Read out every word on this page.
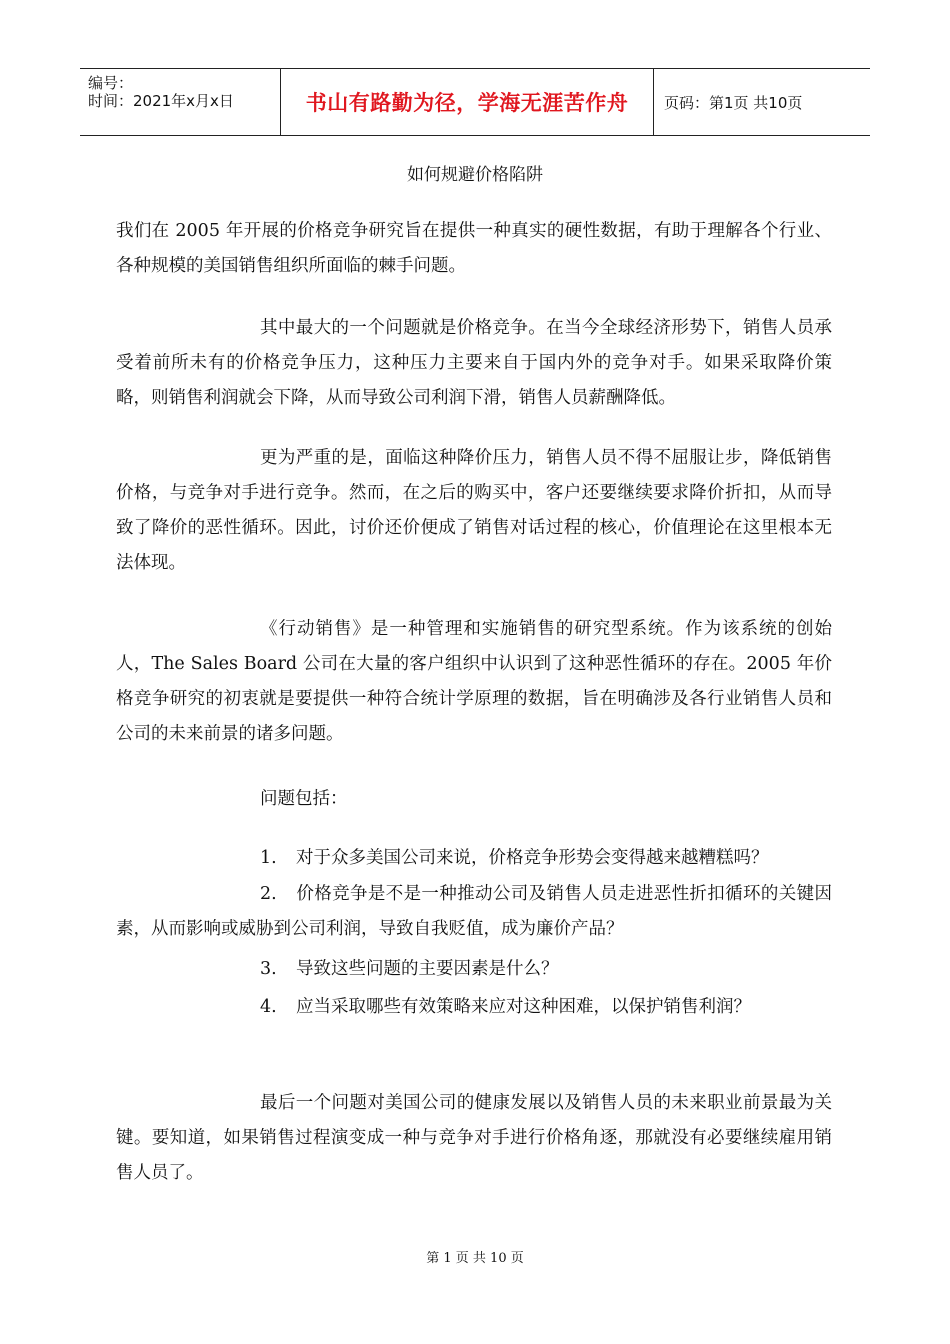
编号：
时间：2021年x月x日	书山有路勤为径，学海无涯苦作舟 页码：第1页 共10页
如何规避价格陷阱

我们在 2005 年开展的价格竞争研究旨在提供一种真实的硬性数据，有助于理解各个行业、各种规模的美国销售组织所面临的棘手问题。

其中最大的一个问题就是价格竞争。在当今全球经济形势下，销售人员承受着前所未有的价格竞争压力，这种压力主要来自于国内外的竞争对手。如果采取降价策略，则销售利润就会下降，从而导致公司利润下滑，销售人员薪酬降低。

更为严重的是，面临这种降价压力，销售人员不得不屈服让步，降低销售价格，与竞争对手进行竞争。然而，在之后的购买中，客户还要继续要求降价折扣，从而导致了降价的恶性循环。因此，讨价还价便成了销售对话过程的核心，价值理论在这里根本无法体现。

《行动销售》是一种管理和实施销售的研究型系统。作为该系统的创始人，The Sales Board 公司在大量的客户组织中认识到了这种恶性循环的存在。2005 年价格竞争研究的初衷就是要提供一种符合统计学原理的数据，旨在明确涉及各行业销售人员和公司的未来前景的诸多问题。

问题包括：

1. 对于众多美国公司来说，价格竞争形势会变得越来越糟糕吗？

2. 价格竞争是不是一种推动公司及销售人员走进恶性折扣循环的关键因素，从而影响或威胁到公司利润，导致自我贬值，成为廉价产品？

3. 导致这些问题的主要因素是什么？

4. 应当采取哪些有效策略来应对这种困难，以保护销售利润？

最后一个问题对美国公司的健康发展以及销售人员的未来职业前景最为关键。要知道，如果销售过程演变成一种与竞争对手进行价格角逐，那就没有必要继续雇用销售人员了。

第 1 页 共 10 页
